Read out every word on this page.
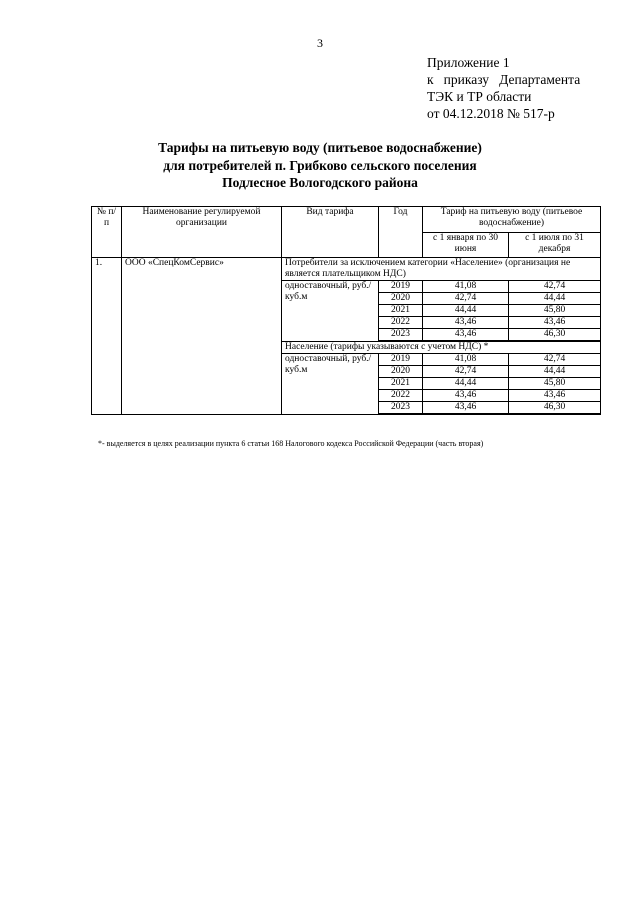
3
Приложение 1
к   приказу   Департамента
ТЭК и ТР области
от 04.12.2018 № 517-р
Тарифы на питьевую воду (питьевое водоснабжение)
для потребителей п. Грибково сельского поселения
Подлесное Вологодского района
№ п/п	Наименование регулируемой организации	Вид тарифа	Год	Тариф на питьевую воду (питьевое водоснабжение)	
				с 1 января по 30 июня	с 1 июля по 31 декабря
1.	ООО «СпецКомСервис»	Потребители за исключением категории «Население» (организация не является плательщиком НДС)			
		одноставочный, руб./куб.м	2019	41,08	42,74
			2020	42,74	44,44
			2021	44,44	45,80
			2022	43,46	43,46
			2023	43,46	46,30
		Население (тарифы указываются с учетом НДС) *			
		одноставочный, руб./куб.м	2019	41,08	42,74
			2020	42,74	44,44
			2021	44,44	45,80
			2022	43,46	43,46
			2023	43,46	46,30
*- выделяется в целях реализации пункта 6 статьи 168 Налогового кодекса Российской Федерации (часть вторая)
